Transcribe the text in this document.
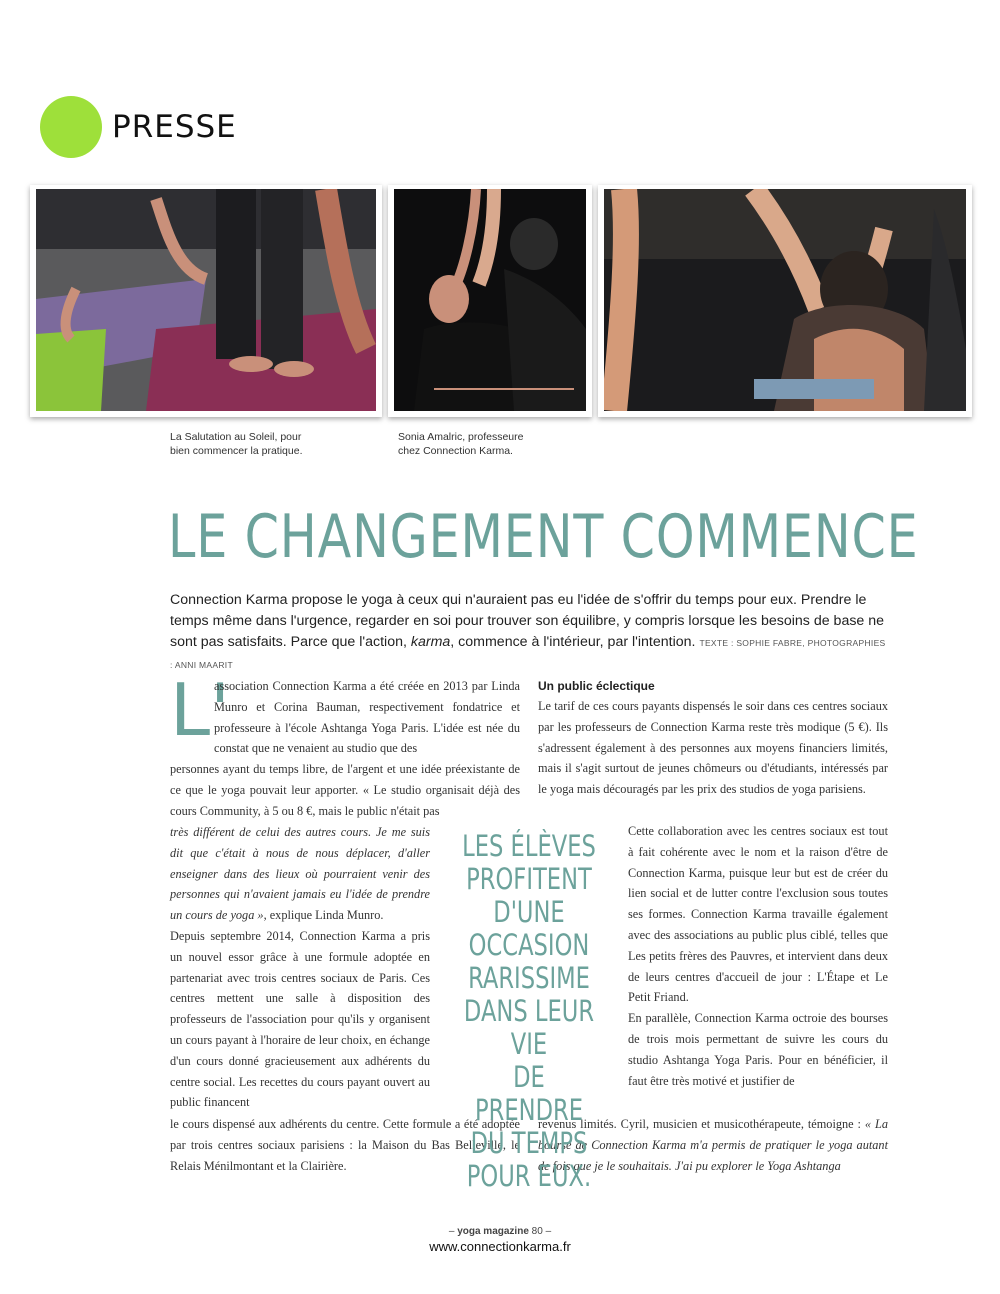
PRESSE
La Salutation au Soleil, pour
bien commencer la pratique.
Sonia Amalric, professeure
chez Connection Karma.
LE CHANGEMENT COMMENCE

Connection Karma propose le yoga à ceux qui n'auraient pas eu l'idée de s'offrir du temps pour eux. Prendre le temps même dans l'urgence, regarder en soi pour trouver son équilibre, y compris lorsque les besoins de base ne sont pas satisfaits. Parce que l'action, karma, commence à l'intérieur, par l'intention. TEXTE : SOPHIE FABRE, PHOTOGRAPHIES : ANNI MAARIT

L'

association Connection Karma a été créée en 2013 par Linda Munro et Corina Bauman, respectivement fondatrice et professeure à l'école Ashtanga Yoga Paris. L'idée est née du constat que ne venaient au studio que des

personnes ayant du temps libre, de l'argent et une idée préexistante de ce que le yoga pouvait leur apporter. « Le studio organisait déjà des cours Community, à 5 ou 8 €, mais le public n'était pas

très différent de celui des autres cours. Je me suis dit que c'était à nous de nous déplacer, d'aller enseigner dans des lieux où pourraient venir des personnes qui n'avaient jamais eu l'idée de prendre un cours de yoga », explique Linda Munro.

Depuis septembre 2014, Connection Karma a pris un nouvel essor grâce à une formule adoptée en partenariat avec trois centres sociaux de Paris. Ces centres mettent une salle à disposition des professeurs de l'association pour qu'ils y organisent un cours payant à l'horaire de leur choix, en échange d'un cours donné gracieusement aux adhérents du centre social. Les recettes du cours payant ouvert au public financent

le cours dispensé aux adhérents du centre. Cette formule a été adoptée par trois centres sociaux parisiens : la Maison du Bas Belleville, le Relais Ménilmontant et la Clairière.

Un public éclectique

Le tarif de ces cours payants dispensés le soir dans ces centres sociaux par les professeurs de Connection Karma reste très modique (5 €). Ils s'adressent également à des personnes aux moyens financiers limités, mais il s'agit surtout de jeunes chômeurs ou d'étudiants, intéressés par le yoga mais découragés par les prix des studios de yoga parisiens.

Cette collaboration avec les centres sociaux est tout à fait cohérente avec le nom et la raison d'être de Connection Karma, puisque leur but est de créer du lien social et de lutter contre l'exclusion sous toutes ses formes. Connection Karma travaille également avec des associations au public plus ciblé, telles que Les petits frères des Pauvres, et intervient dans deux de leurs centres d'accueil de jour : L'Étape et Le Petit Friand.

En parallèle, Connection Karma octroie des bourses de trois mois permettant de suivre les cours du studio Ashtanga Yoga Paris. Pour en bénéficier, il faut être très motivé et justifier de

revenus limités. Cyril, musicien et musicothérapeute, témoigne : « La bourse de Connection Karma m'a permis de pratiquer le yoga autant de fois que je le souhaitais. J'ai pu explorer le Yoga Ashtanga

LES ÉLÈVES
PROFITENT
D'UNE OCCASION
RARISSIME
DANS LEUR VIE
DE PRENDRE
DU TEMPS
POUR EUX.
– yoga magazine 80 –
www.connectionkarma.fr
